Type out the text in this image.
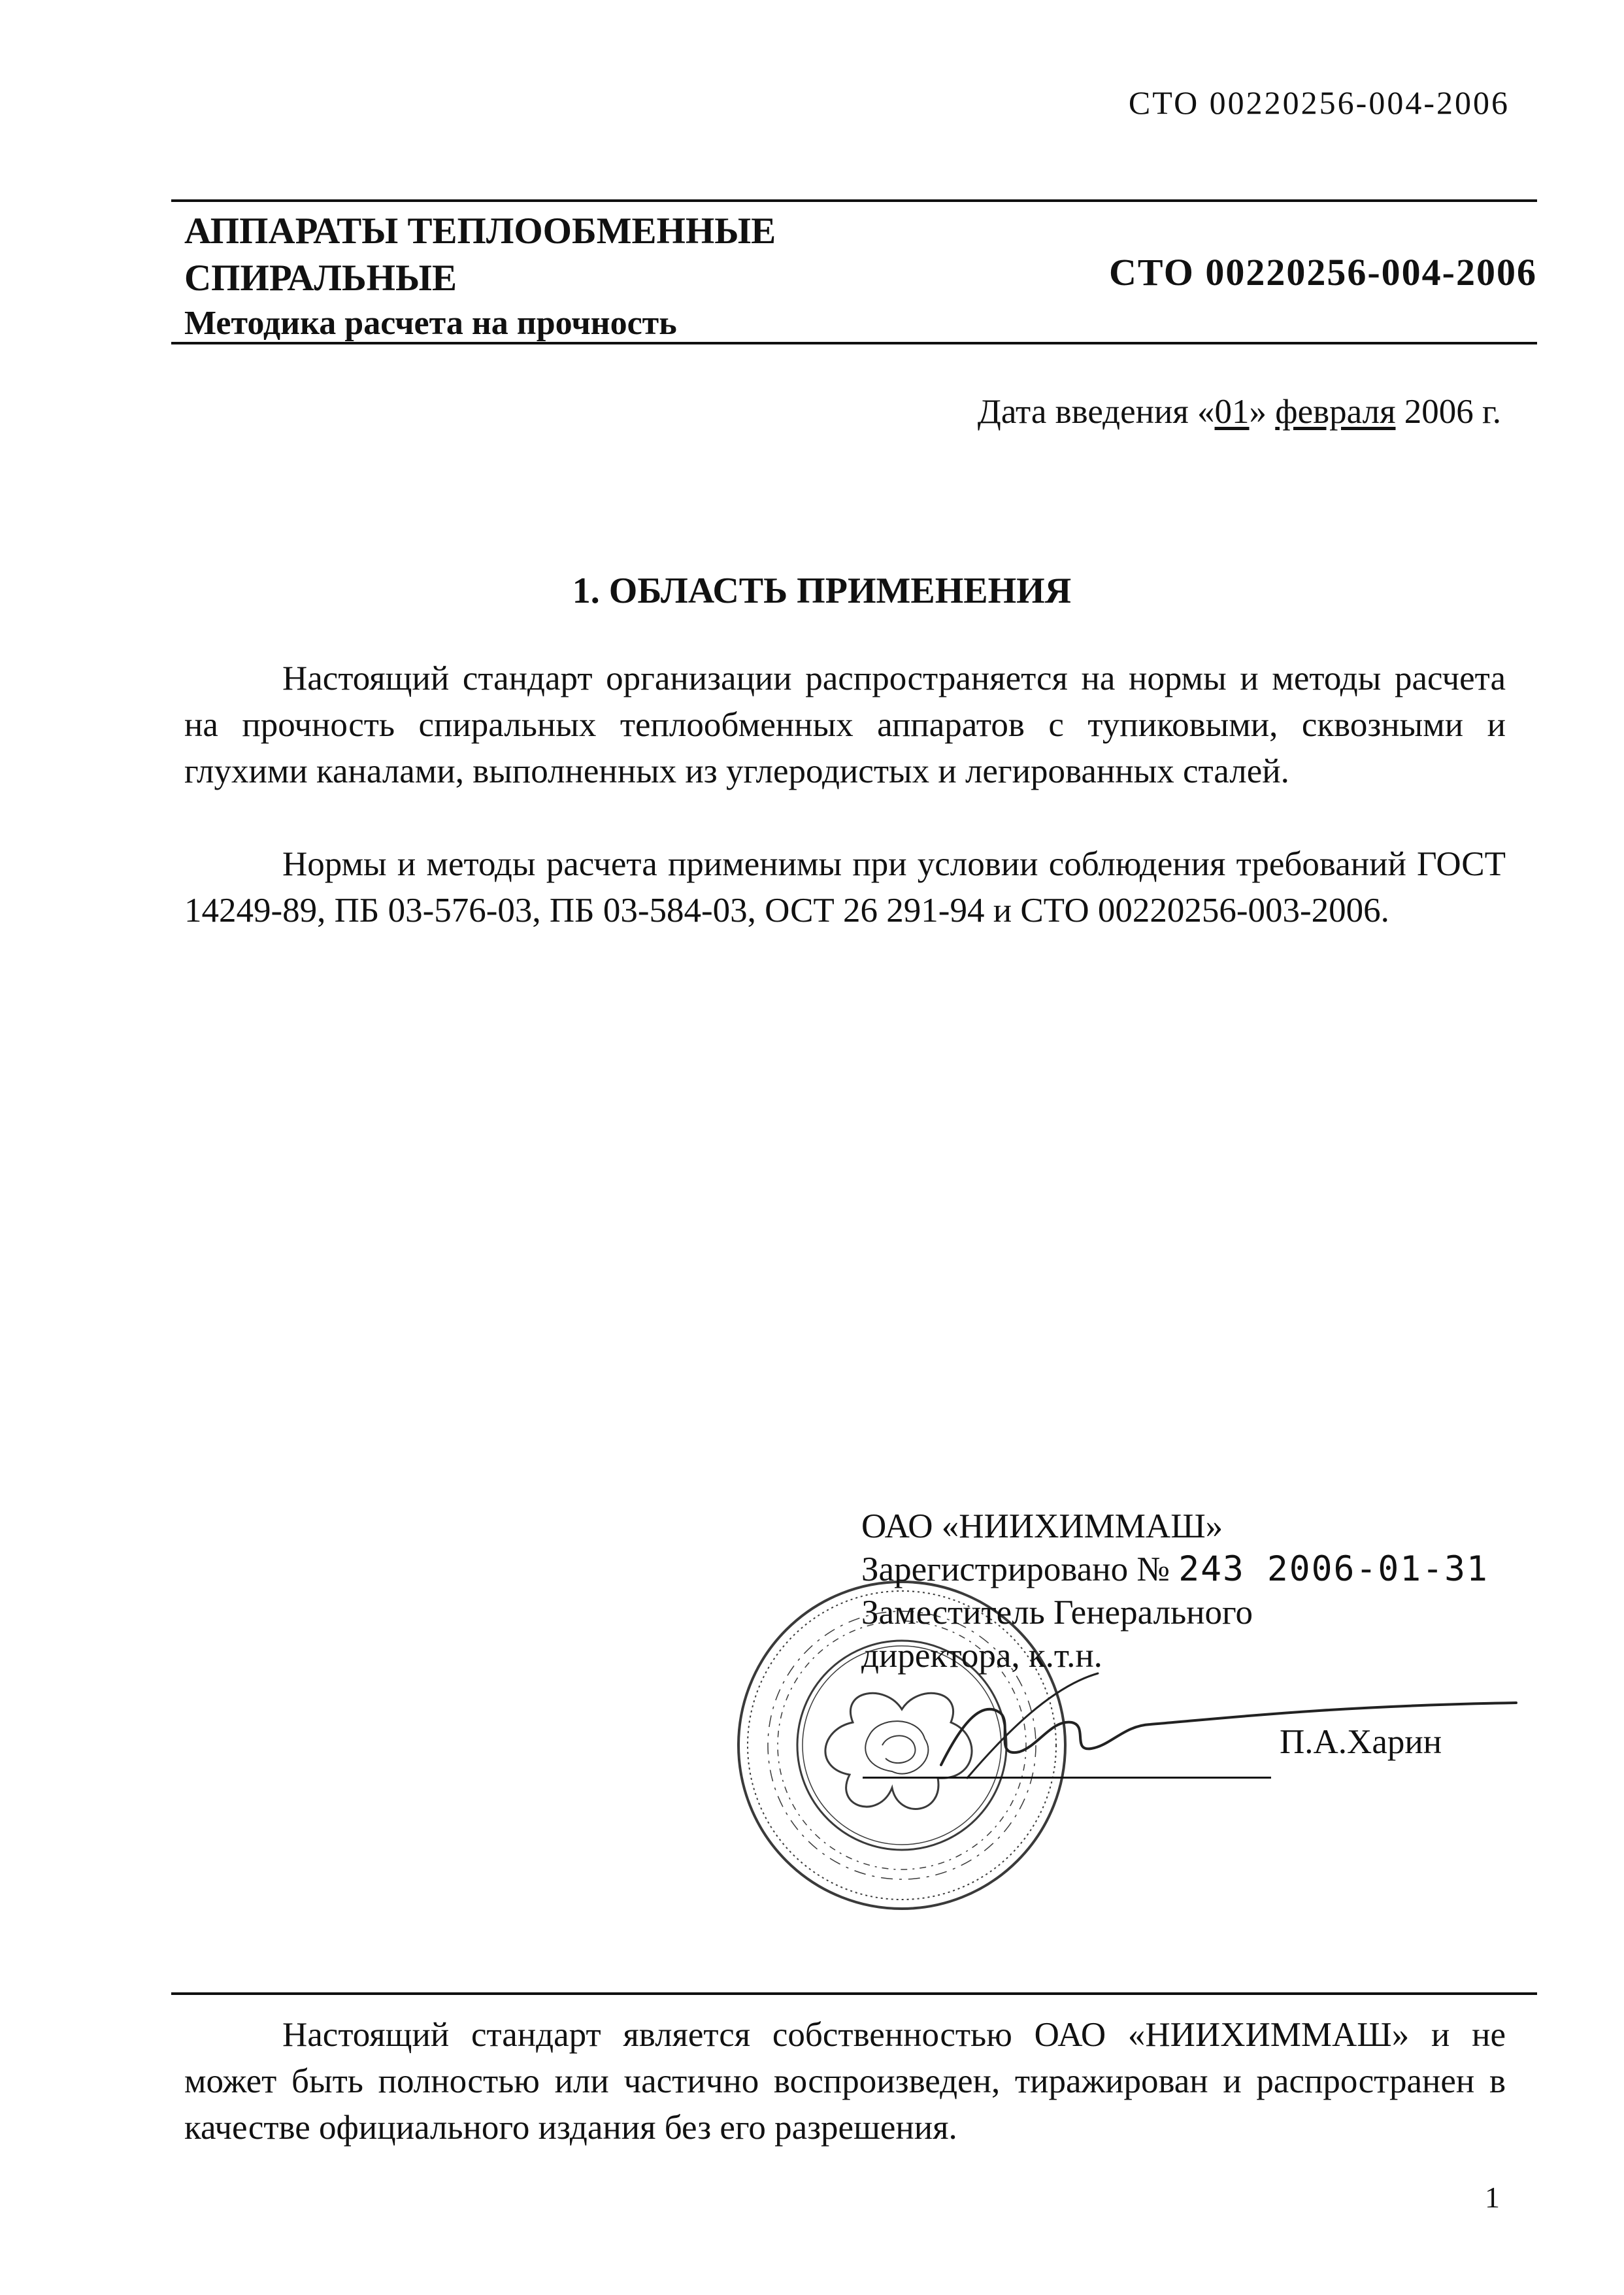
СТО 00220256-004-2006
АППАРАТЫ ТЕПЛООБМЕННЫЕ
СПИРАЛЬНЫЕ
Методика расчета на прочность
СТО 00220256-004-2006
Дата введения «01» февраля 2006 г.
1. ОБЛАСТЬ ПРИМЕНЕНИЯ

Настоящий стандарт организации распространяется на нормы и методы расчета на прочность спиральных теплообменных аппаратов с тупиковыми, сквозными и глухими каналами, выполненных из углеродистых и легированных сталей.

Нормы и методы расчета применимы при условии соблюдения требований ГОСТ 14249-89, ПБ 03-576-03, ПБ 03-584-03, ОСТ 26 291-94 и СТО 00220256-003-2006.

ОАО «НИИХИММАШ»
Зарегистрировано № 243 2006-01-31
Заместитель Генерального
директора, к.т.н.
П.А.Харин

Настоящий стандарт является собственностью ОАО «НИИХИММАШ» и не может быть полностью или частично воспроизведен, тиражирован и распространен в качестве официального издания без его разрешения.

1
